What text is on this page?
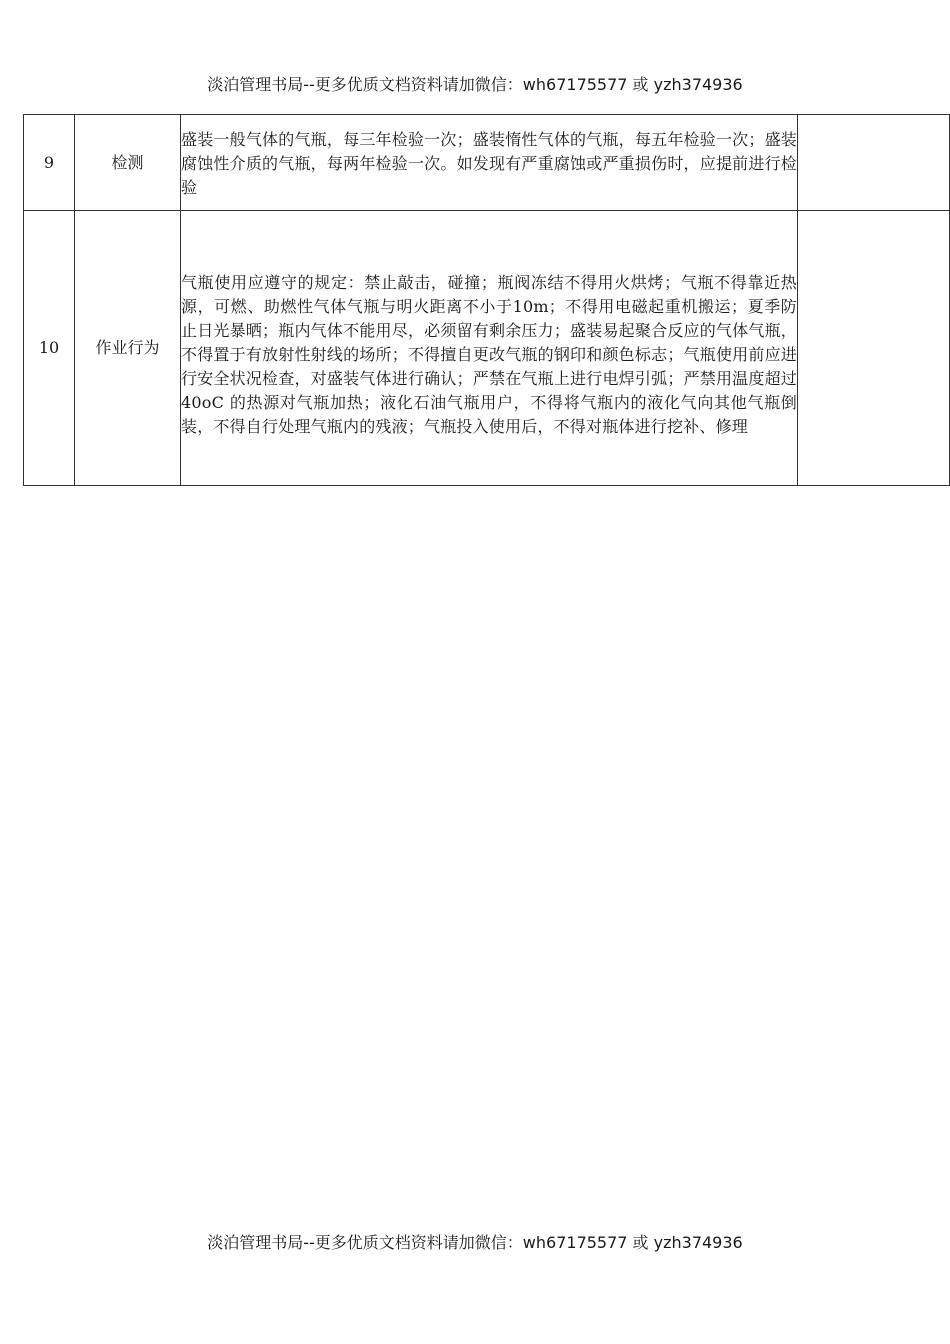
淡泊管理书局--更多优质文档资料请加微信：wh67175577 或 yzh374936
9	检测	盛装一般气体的气瓶，每三年检验一次；盛装惰性气体的气瓶，每五年检验一次；盛装腐蚀性介质的气瓶，每两年检验一次。如发现有严重腐蚀或严重损伤时，应提前进行检验	
10	作业行为	气瓶使用应遵守的规定：禁止敲击，碰撞；瓶阀冻结不得用火烘烤；气瓶不得靠近热源，可燃、助燃性气体气瓶与明火距离不小于10m；不得用电磁起重机搬运；夏季防止日光暴晒；瓶内气体不能用尽，必须留有剩余压力；盛装易起聚合反应的气体气瓶，不得置于有放射性射线的场所；不得擅自更改气瓶的钢印和颜色标志；气瓶使用前应进行安全状况检查，对盛装气体进行确认；严禁在气瓶上进行电焊引弧；严禁用温度超过 40oC 的热源对气瓶加热；液化石油气瓶用户，不得将气瓶内的液化气向其他气瓶倒装，不得自行处理气瓶内的残液；气瓶投入使用后，不得对瓶体进行挖补、修理	
淡泊管理书局--更多优质文档资料请加微信：wh67175577 或 yzh374936
